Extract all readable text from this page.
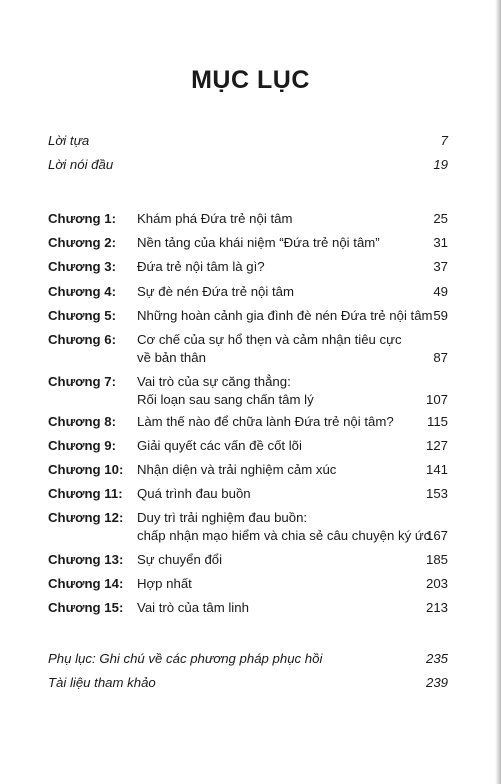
MỤC LỤC
Lời tựa	7
Lời nói đầu	19
Chương 1: Khám phá Đứa trẻ nội tâm	25
Chương 2: Nền tảng của khái niệm “Đứa trẻ nội tâm”	31
Chương 3: Đứa trẻ nội tâm là gì?	37
Chương 4: Sự đè nén Đứa trẻ nội tâm	49
Chương 5: Những hoàn cảnh gia đình đè nén Đứa trẻ nội tâm 59
Chương 6: Cơ chế của sự hổ thẹn và cảm nhận tiêu cực
về bản thân	87
Chương 7: Vai trò của sự căng thẳng:
Rối loạn sau sang chấn tâm lý	107
Chương 8: Làm thế nào để chữa lành Đứa trẻ nội tâm?	115
Chương 9: Giải quyết các vấn đề cốt lõi	127
Chương 10: Nhận diện và trải nghiệm cảm xúc	141
Chương 11: Quá trình đau buồn	153
Chương 12: Duy trì trải nghiệm đau buồn:
chấp nhận mạo hiểm và chia sẻ câu chuyện ký ức
167
Chương 13: Sự chuyển đổi	185
Chương 14: Hợp nhất	203
Chương 15: Vai trò của tâm linh	213
Phụ lục: Ghi chú về các phương pháp phục hồi	235
Tài liệu tham khảo	239
